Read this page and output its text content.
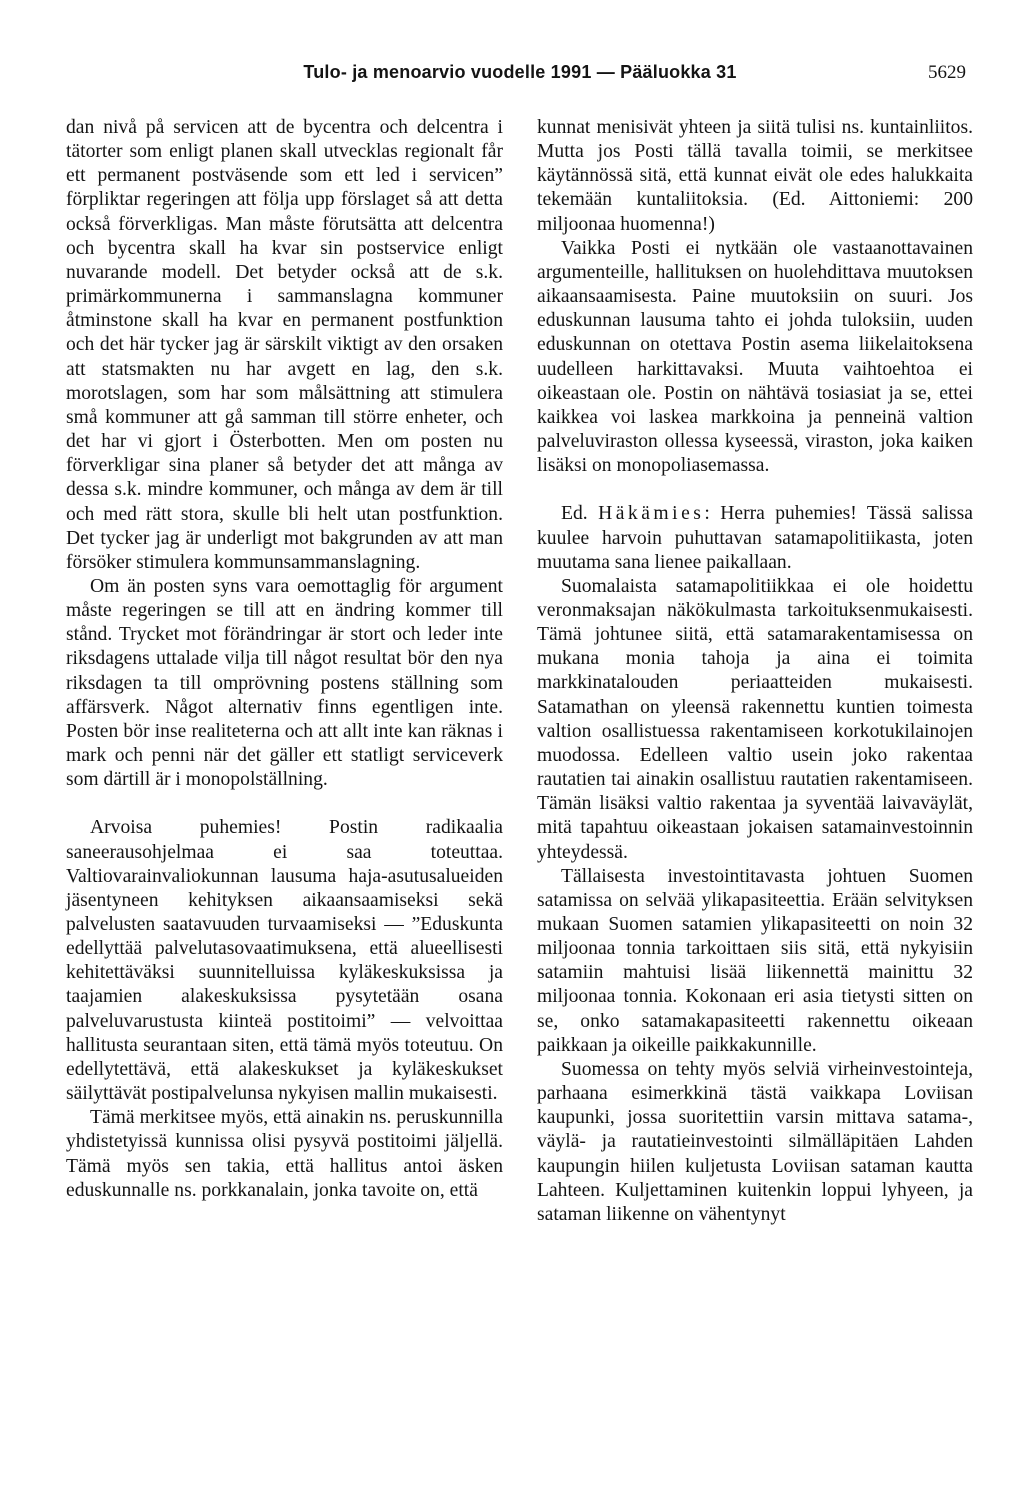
Tulo- ja menoarvio vuodelle 1991 — Pääluokka 31	5629

dan nivå på servicen att de bycentra och delcentra i tätorter som enligt planen skall utvecklas regionalt får ett permanent postväsende som ett led i servicen” förpliktar regeringen att följa upp förslaget så att detta också förverkligas. Man måste förutsätta att delcentra och bycentra skall ha kvar sin postservice enligt nuvarande modell. Det betyder också att de s.k. primärkommunerna i sammanslagna kommuner åtminstone skall ha kvar en permanent postfunktion och det här tycker jag är särskilt viktigt av den orsaken att statsmakten nu har avgett en lag, den s.k. morotslagen, som har som målsättning att stimulera små kommuner att gå samman till större enheter, och det har vi gjort i Österbotten. Men om posten nu förverkligar sina planer så betyder det att många av dessa s.k. mindre kommuner, och många av dem är till och med rätt stora, skulle bli helt utan postfunktion. Det tycker jag är underligt mot bakgrunden av att man försöker stimulera kommunsammanslagning.

Om än posten syns vara oemottaglig för argument måste regeringen se till att en ändring kommer till stånd. Trycket mot förändringar är stort och leder inte riksdagens uttalade vilja till något resultat bör den nya riksdagen ta till omprövning postens ställning som affärsverk. Något alternativ finns egentligen inte. Posten bör inse realiteterna och att allt inte kan räknas i mark och penni när det gäller ett statligt serviceverk som därtill är i monopolställning.

Arvoisa puhemies! Postin radikaalia saneerausohjelmaa ei saa toteuttaa. Valtiovarainvaliokunnan lausuma haja-asutusalueiden jäsentyneen kehityksen aikaansaamiseksi sekä palvelusten saatavuuden turvaamiseksi — ”Eduskunta edellyttää palvelutasovaatimuksena, että alueellisesti kehitettäväksi suunnitelluissa kyläkeskuksissa ja taajamien alakeskuksissa pysytetään osana palveluvarustusta kiinteä postitoimi” — velvoittaa hallitusta seurantaan siten, että tämä myös toteutuu. On edellytettävä, että alakeskukset ja kyläkeskukset säilyttävät postipalvelunsa nykyisen mallin mukaisesti.

Tämä merkitsee myös, että ainakin ns. peruskunnilla yhdistetyissä kunnissa olisi pysyvä postitoimi jäljellä. Tämä myös sen takia, että hallitus antoi äsken eduskunnalle ns. porkkanalain, jonka tavoite on, että

kunnat menisivät yhteen ja siitä tulisi ns. kuntainliitos. Mutta jos Posti tällä tavalla toimii, se merkitsee käytännössä sitä, että kunnat eivät ole edes halukkaita tekemään kuntaliitoksia. (Ed. Aittoniemi: 200 miljoonaa huomenna!)

Vaikka Posti ei nytkään ole vastaanottavainen argumenteille, hallituksen on huolehdittava muutoksen aikaansaamisesta. Paine muutoksiin on suuri. Jos eduskunnan lausuma tahto ei johda tuloksiin, uuden eduskunnan on otettava Postin asema liikelaitoksena uudelleen harkittavaksi. Muuta vaihtoehtoa ei oikeastaan ole. Postin on nähtävä tosiasiat ja se, ettei kaikkea voi laskea markkoina ja penneinä valtion palveluviraston ollessa kyseessä, viraston, joka kaiken lisäksi on monopoliasemassa.

Ed. Häkämies: Herra puhemies! Tässä salissa kuulee harvoin puhuttavan satamapolitiikasta, joten muutama sana lienee paikallaan.

Suomalaista satamapolitiikkaa ei ole hoidettu veronmaksajan näkökulmasta tarkoituksenmukaisesti. Tämä johtunee siitä, että satamarakentamisessa on mukana monia tahoja ja aina ei toimita markkinatalouden periaatteiden mukaisesti. Satamathan on yleensä rakennettu kuntien toimesta valtion osallistuessa rakentamiseen korkotukilainojen muodossa. Edelleen valtio usein joko rakentaa rautatien tai ainakin osallistuu rautatien rakentamiseen. Tämän lisäksi valtio rakentaa ja syventää laivaväylät, mitä tapahtuu oikeastaan jokaisen satamainvestoinnin yhteydessä.

Tällaisesta investointitavasta johtuen Suomen satamissa on selvää ylikapasiteettia. Erään selvityksen mukaan Suomen satamien ylikapasiteetti on noin 32 miljoonaa tonnia tarkoittaen siis sitä, että nykyisiin satamiin mahtuisi lisää liikennettä mainittu 32 miljoonaa tonnia. Kokonaan eri asia tietysti sitten on se, onko satamakapasiteetti rakennettu oikeaan paikkaan ja oikeille paikkakunnille.

Suomessa on tehty myös selviä virheinvestointeja, parhaana esimerkkinä tästä vaikkapa Loviisan kaupunki, jossa suoritettiin varsin mittava satama-, väylä- ja rautatieinvestointi silmälläpitäen Lahden kaupungin hiilen kuljetusta Loviisan sataman kautta Lahteen. Kuljettaminen kuitenkin loppui lyhyeen, ja sataman liikenne on vähentynyt
